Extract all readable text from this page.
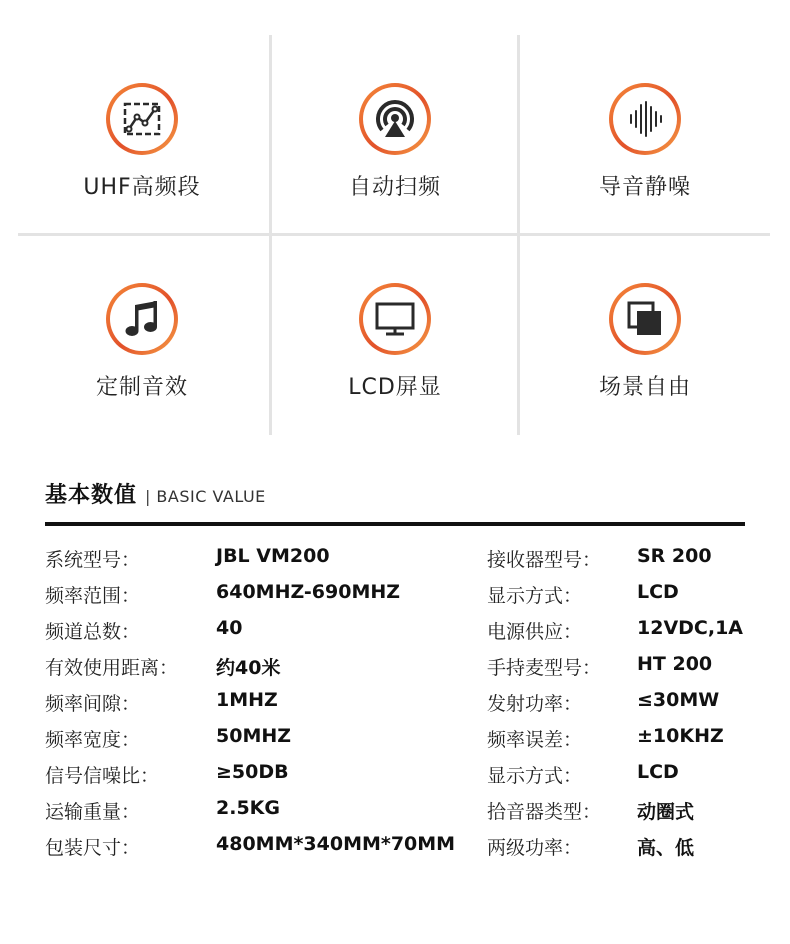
UHF高频段	自动扫频	导音静噪
定制音效	LCD屏显	场景自由
基本数值 | BASIC VALUE
系统型号：	JBL VM200
频率范围：	640MHZ-690MHZ
频道总数：	40
有效使用距离： 约40米
频率间隙：	1MHZ
频率宽度：	50MHZ
信号信噪比：	≥50DB
运输重量：	2.5KG
包装尺寸：	480MM*340MM*70MM
接收器型号： SR 200
显示方式：	LCD
电源供应：	12VDC,1A
手持麦型号： HT 200
发射功率：	≤30MW
频率误差：	±10KHZ
显示方式：	LCD
拾音器类型： 动圈式
两级功率：	高、低
